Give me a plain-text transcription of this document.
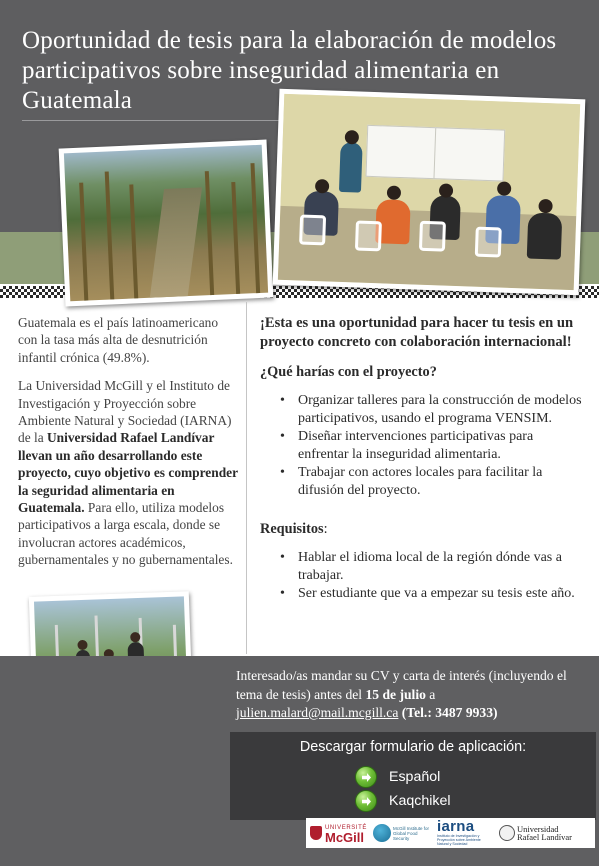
Oportunidad de tesis para la elaboración de modelos participativos sobre inseguridad alimentaria en Guatemala

Guatemala es el país latinoamericano con la tasa más alta de desnutrición infantil crónica (49.8%).

La Universidad McGill y el Instituto de Investigación y Proyección sobre Ambiente Natural y Sociedad (IARNA) de la Universidad Rafael Landívar llevan un año desarrollando este proyecto, cuyo objetivo es comprender la seguridad alimentaria en Guatemala. Para ello, utiliza modelos participativos a larga escala, donde se involucran actores académicos, gubernamentales y no gubernamentales.

¡Esta es una oportunidad para hacer tu tesis en un proyecto concreto con colaboración internacional!

¿Qué harías con el proyecto?

• Organizar talleres para la construcción de modelos participativos, usando el programa VENSIM.
• Diseñar intervenciones participativas para enfrentar la inseguridad alimentaria.
• Trabajar con actores locales para facilitar la difusión del proyecto.

Requisitos:

• Hablar el idioma local de la región dónde vas a trabajar.
• Ser estudiante que va a empezar su tesis este año.
Interesado/as mandar su CV y carta de interés (incluyendo el tema de tesis) antes del 15 de julio a
julien.malard@mail.mcgill.ca (Tel.: 3487 9933)
Descargar formulario de aplicación:
Español
Kaqchikel
UNIVERSITÉ
McGill
McGill Institute for Global Food Security
iarna
Instituto de Investigación y Proyección sobre Ambiente Natural y Sociedad
Universidad
Rafael Landívar
